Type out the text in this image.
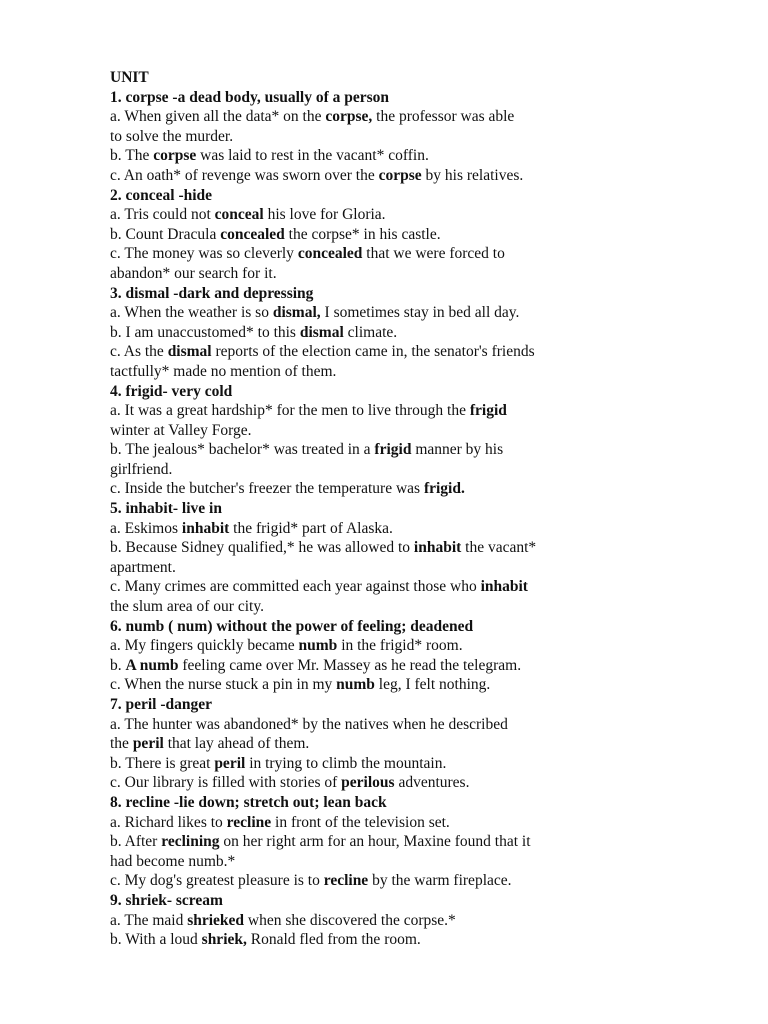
UNIT
1. corpse -a dead body, usually of a person
a. When given all the data* on the corpse, the professor was able
to solve the murder.
b. The corpse was laid to rest in the vacant* coffin.
c. An oath* of revenge was sworn over the corpse by his relatives.
2. conceal -hide
a. Tris could not conceal his love for Gloria.
b. Count Dracula concealed the corpse* in his castle.
c. The money was so cleverly concealed that we were forced to
abandon* our search for it.
3. dismal -dark and depressing
a. When the weather is so dismal, I sometimes stay in bed all day.
b. I am unaccustomed* to this dismal climate.
c. As the dismal reports of the election came in, the senator's friends
tactfully* made no mention of them.
4. frigid- very cold
a. It was a great hardship* for the men to live through the frigid
winter at Valley Forge.
b. The jealous* bachelor* was treated in a frigid manner by his
girlfriend.
c. Inside the butcher's freezer the temperature was frigid.
5. inhabit- live in
a. Eskimos inhabit the frigid* part of Alaska.
b. Because Sidney qualified,* he was allowed to inhabit the vacant*
apartment.
c. Many crimes are committed each year against those who inhabit
the slum area of our city.
6. numb ( num) without the power of feeling; deadened
a. My fingers quickly became numb in the frigid* room.
b. A numb feeling came over Mr. Massey as he read the telegram.
c. When the nurse stuck a pin in my numb leg, I felt nothing.
7. peril -danger
a. The hunter was abandoned* by the natives when he described
the peril that lay ahead of them.
b. There is great peril in trying to climb the mountain.
c. Our library is filled with stories of perilous adventures.
8. recline -lie down; stretch out; lean back
a. Richard likes to recline in front of the television set.
b. After reclining on her right arm for an hour, Maxine found that it
had become numb.*
c. My dog's greatest pleasure is to recline by the warm fireplace.
9. shriek- scream
a. The maid shrieked when she discovered the corpse.*
b. With a loud shriek, Ronald fled from the room.
